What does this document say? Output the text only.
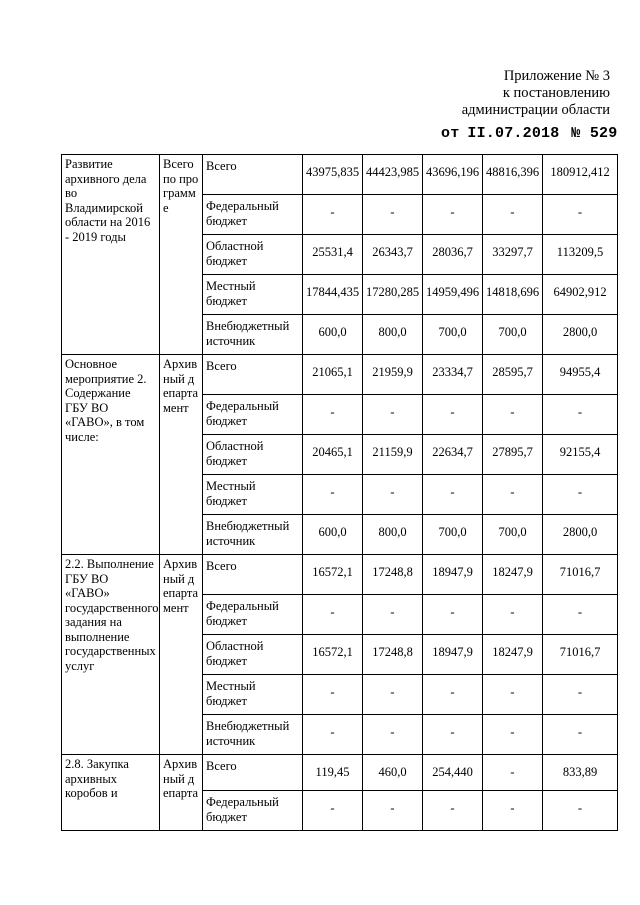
Приложение № 3
к постановлению
администрации области
от II.07.2018 № 529
Развитие архивного дела во Владимирской области на 2016 - 2019 годы	Всего по программе	Всего	43975,835	44423,985	43696,196	48816,396	180912,412
		Федеральный бюджет	-	-	-	-	-
		Областной бюджет	25531,4	26343,7	28036,7	33297,7	113209,5
		Местный бюджет	17844,435	17280,285	14959,496	14818,696	64902,912
		Внебюджетный источник	600,0	800,0	700,0	700,0	2800,0
Основное мероприятие 2. Содержание ГБУ ВО «ГАВО», в том числе:	Архивный департамент	Всего	21065,1	21959,9	23334,7	28595,7	94955,4
		Федеральный бюджет	-	-	-	-	-
		Областной бюджет	20465,1	21159,9	22634,7	27895,7	92155,4
		Местный бюджет	-	-	-	-	-
		Внебюджетный источник	600,0	800,0	700,0	700,0	2800,0
2.2. Выполнение ГБУ ВО «ГАВО» государственного задания на выполнение государственных услуг	Архивный департамент	Всего	16572,1	17248,8	18947,9	18247,9	71016,7
		Федеральный бюджет	-	-	-	-	-
		Областной бюджет	16572,1	17248,8	18947,9	18247,9	71016,7
		Местный бюджет	-	-	-	-	-
		Внебюджетный источник	-	-	-	-	-
2.8. Закупка архивных коробов и	Архивный департа	Всего	119,45	460,0	254,440	-	833,89
		Федеральный бюджет	-	-	-	-	-
